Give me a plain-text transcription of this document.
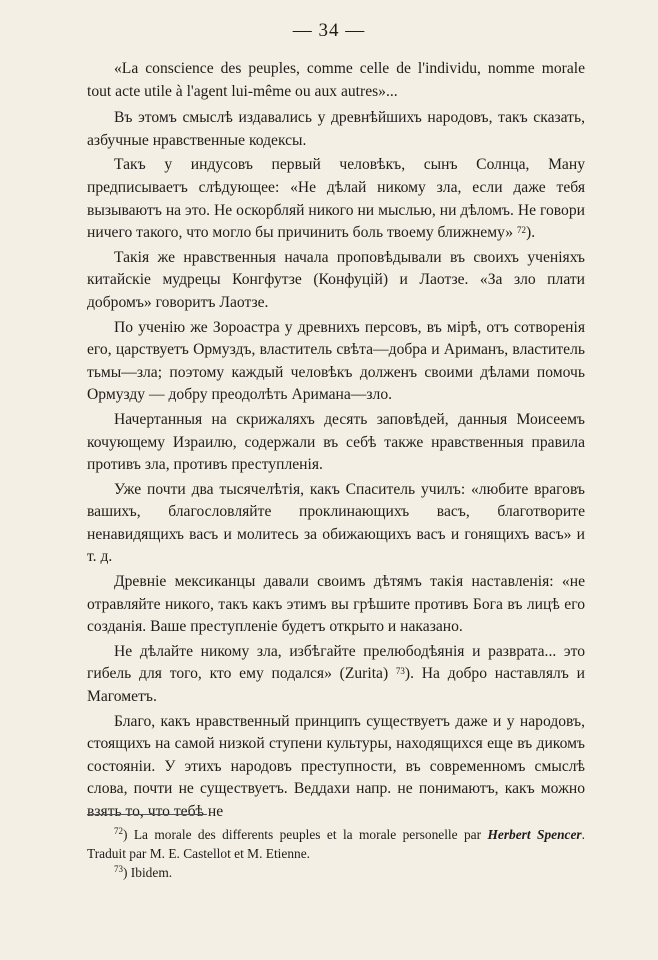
— 34 —

«La conscience des peuples, comme celle de l'individu, nomme morale tout acte utile à l'agent lui-même ou aux autres»...

Въ этомъ смыслѣ издавались у древнѣйшихъ народовъ, такъ сказать, азбучные нравственные кодексы.

Такъ у индусовъ первый человѣкъ, сынъ Солнца, Ману предписываетъ слѣдующее: «Не дѣлай никому зла, если даже тебя вызываютъ на это. Не оскорбляй никого ни мыслью, ни дѣломъ. Не говори ничего такого, что могло бы причинить боль твоему ближнему» $^{72}$).

Такія же нравственныя начала проповѣдывали въ своихъ ученіяхъ китайскіе мудрецы Конгфутзе (Конфуцій) и Лаотзе. «За зло плати добромъ» говоритъ Лаотзе.

По ученію же Зороастра у древнихъ персовъ, въ мірѣ, отъ сотворенія его, царствуетъ Ормуздъ, властитель свѣта—добра и Ариманъ, властитель тьмы—зла; поэтому каждый человѣкъ долженъ своими дѣлами помочь Ормузду — добру преодолѣть Аримана—зло.

Начертанныя на скрижаляхъ десять заповѣдей, данныя Моисеемъ кочующему Израилю, содержали въ себѣ также нравственныя правила противъ зла, противъ преступленія.

Уже почти два тысячелѣтія, какъ Спаситель училъ: «любите враговъ вашихъ, благословляйте проклинающихъ васъ, благотворите ненавидящихъ васъ и молитесь за обижающихъ васъ и гонящихъ васъ» и т. д.

Древніе мексиканцы давали своимъ дѣтямъ такія наставленія: «не отравляйте никого, такъ какъ этимъ вы грѣшите противъ Бога въ лицѣ его созданія. Ваше преступленіе будетъ открыто и наказано.

Не дѣлайте никому зла, избѣгайте прелюбодѣянія и разврата... это гибель для того, кто ему подался» (Zurita) $^{73}$). На добро наставлялъ и Магометъ.

Благо, какъ нравственный принципъ существуетъ даже и у народовъ, стоящихъ на самой низкой ступени культуры, находящихся еще въ дикомъ состояніи. У этихъ народовъ преступности, въ современномъ смыслѣ слова, почти не существуетъ. Веддахи напр. не понимаютъ, какъ можно взять то, что тебѣ не

$^{72}$) La morale des differents peuples et la morale personelle par Herbert Spencer. Traduit par M. E. Castellot et M. Etienne.

$^{73}$) Ibidem.
